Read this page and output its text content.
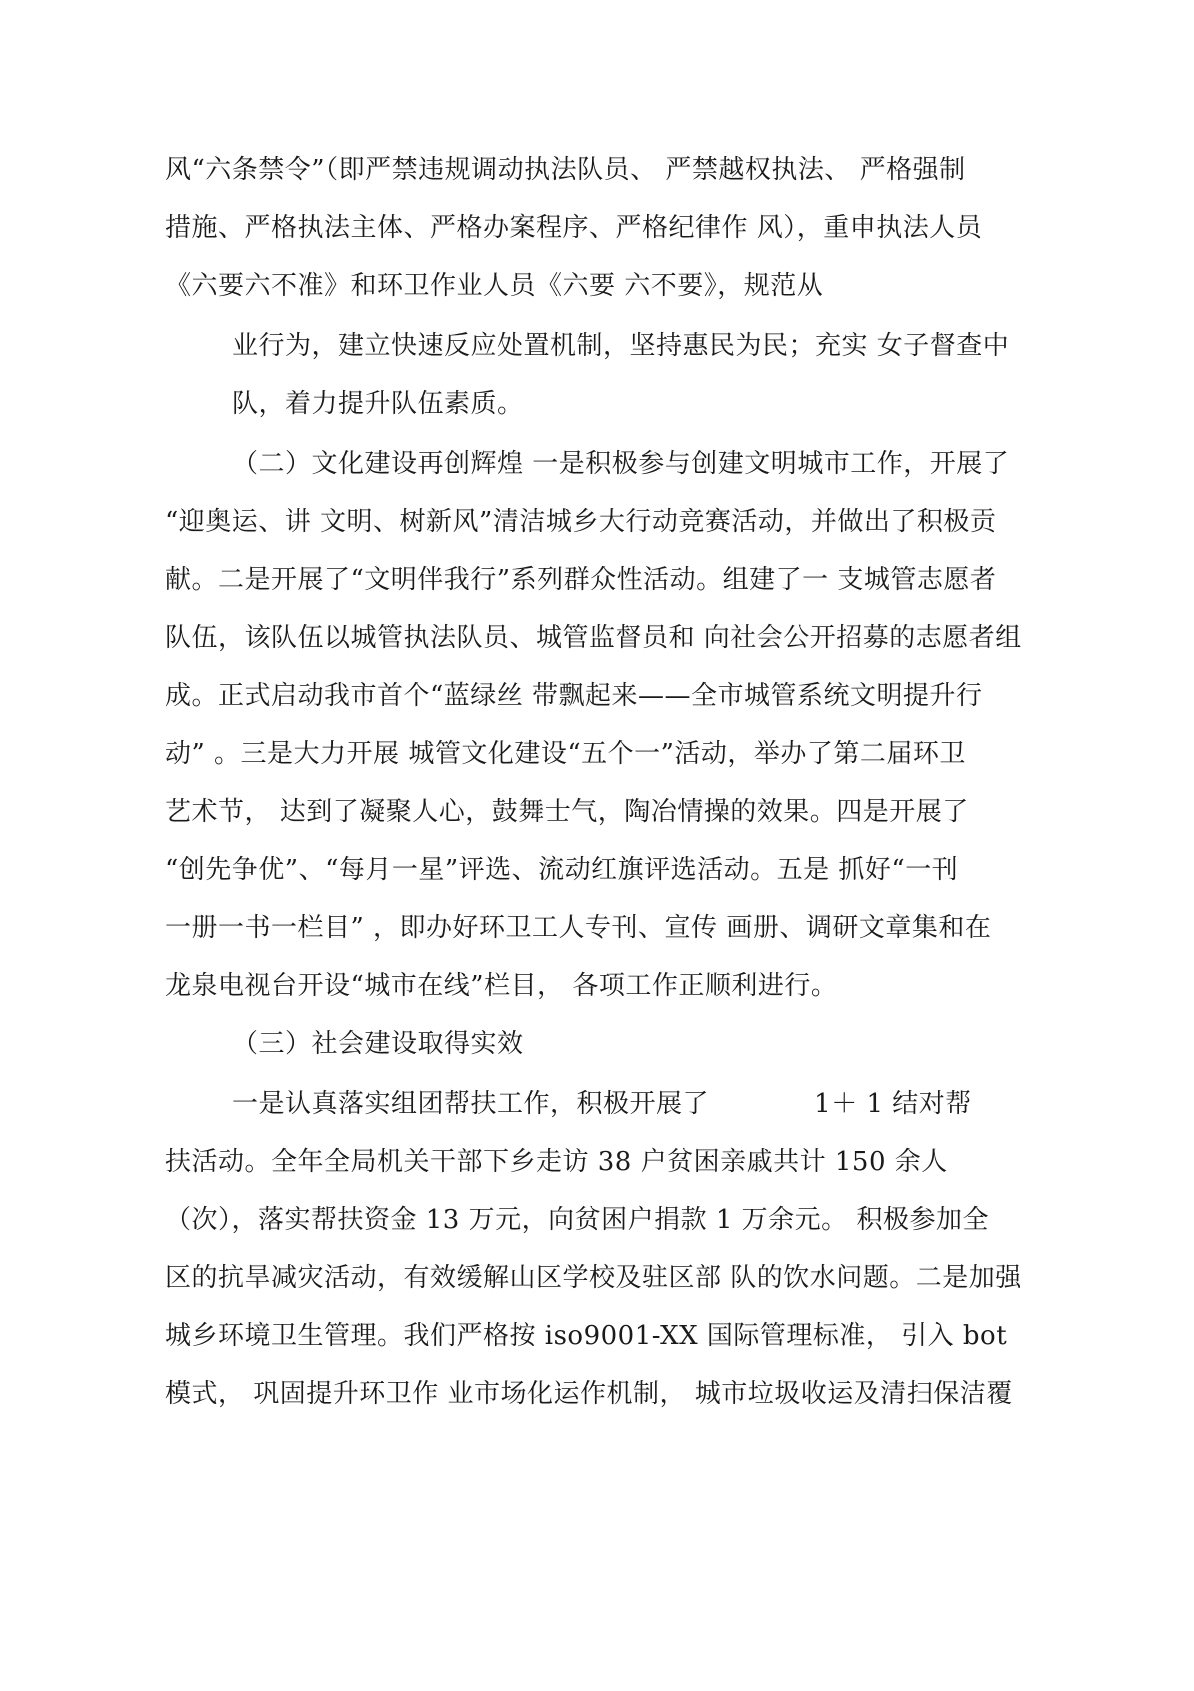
风“六条禁令”（即严禁违规调动执法队员、 严禁越权执法、 严格强制
措施、严格执法主体、严格办案程序、严格纪律作 风），重申执法人员
《六要六不准》和环卫作业人员《六要 六不要》，规范从
业行为，建立快速反应处置机制，坚持惠民为民；充实 女子督查中
队，着力提升队伍素质。
（二）文化建设再创辉煌 一是积极参与创建文明城市工作，开展了
“迎奥运、讲 文明、树新风”清洁城乡大行动竞赛活动，并做出了积极贡
献。二是开展了“文明伴我行”系列群众性活动。组建了一 支城管志愿者
队伍，该队伍以城管执法队员、城管监督员和 向社会公开招募的志愿者组
成。正式启动我市首个“蓝绿丝 带飘起来——全市城管系统文明提升行
动” 。三是大力开展 城管文化建设“五个一”活动，举办了第二届环卫
艺术节， 达到了凝聚人心，鼓舞士气，陶冶情操的效果。四是开展了
“创先争优”、“每月一星”评选、流动红旗评选活动。五是 抓好“一刊
一册一书一栏目” ，即办好环卫工人专刊、宣传 画册、调研文章集和在
龙泉电视台开设“城市在线”栏目， 各项工作正顺利进行。
（三）社会建设取得实效
一是认真落实组团帮扶工作，积极开展了            1＋ 1 结对帮
扶活动。全年全局机关干部下乡走访 38 户贫困亲戚共计 150 余人
（次），落实帮扶资金 13 万元，向贫困户捐款 1 万余元。 积极参加全
区的抗旱减灾活动，有效缓解山区学校及驻区部 队的饮水问题。二是加强
城乡环境卫生管理。我们严格按 iso9001-XX 国际管理标准， 引入 bot
模式， 巩固提升环卫作 业市场化运作机制， 城市垃圾收运及清扫保洁覆
